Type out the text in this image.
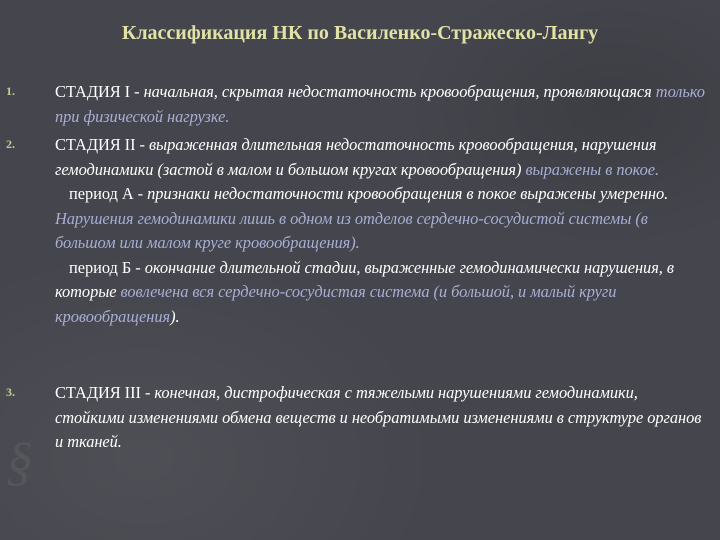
§
Классификация НК по Василенко-Стражеско-Лангу
1. СТАДИЯ I - начальная, скрытая недостаточность кровообращения, проявляющаяся только при физической нагрузке.
2. СТАДИЯ II - выраженная длительная недостаточность кровообращения, нарушения гемодинамики (застой в малом и большом кругах кровообращения) выражены в покое.
период А - признаки недостаточности кровообращения в покое выражены умеренно. Нарушения гемодинамики лишь в одном из отделов сердечно-сосудистой системы (в большом или малом круге кровообращения).
период Б - окончание длительной стадии, выраженные гемодинамически нарушения, в которые вовлечена вся сердечно-сосудистая система (и большой, и малый круги кровообращения).
3. СТАДИЯ III - конечная, дистрофическая с тяжелыми нарушениями гемодинамики, стойкими изменениями обмена веществ и необратимыми изменениями в структуре органов и тканей.
